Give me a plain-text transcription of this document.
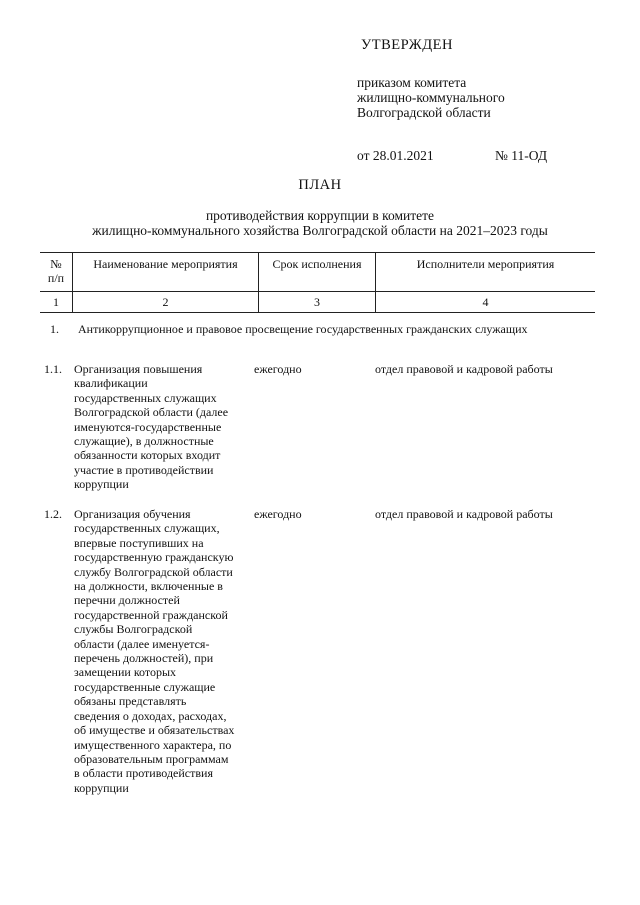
УТВЕРЖДЕН
приказом комитета
жилищно-коммунального
Волгоградской области
от 28.01.2021	№ 11-ОД
ПЛАН
противодействия коррупции в комитете
жилищно-коммунального хозяйства Волгоградской области на 2021–2023 годы
№ п/п	Наименование мероприятия	Срок исполнения	Исполнители мероприятия
1	2	3	4
1. Антикоррупционное и правовое просвещение государственных гражданских служащих
1.1. Организация повышения
квалификации
государственных служащих
Волгоградской области (далее
именуются-государственные
служащие), в должностные
обязанности которых входит
участие в противодействии
коррупции
ежегодно	отдел правовой и кадровой работы
1.2. Организация обучения
государственных служащих,
впервые поступивших на
государственную гражданскую
службу Волгоградской области
на должности, включенные в
перечни должностей
государственной гражданской
службы Волгоградской
области (далее именуется-
перечень должностей), при
замещении которых
государственные служащие
обязаны представлять
сведения о доходах, расходах,
об имуществе и обязательствах
имущественного характера, по
образовательным программам
в области противодействия
коррупции
ежегодно	отдел правовой и кадровой работы
